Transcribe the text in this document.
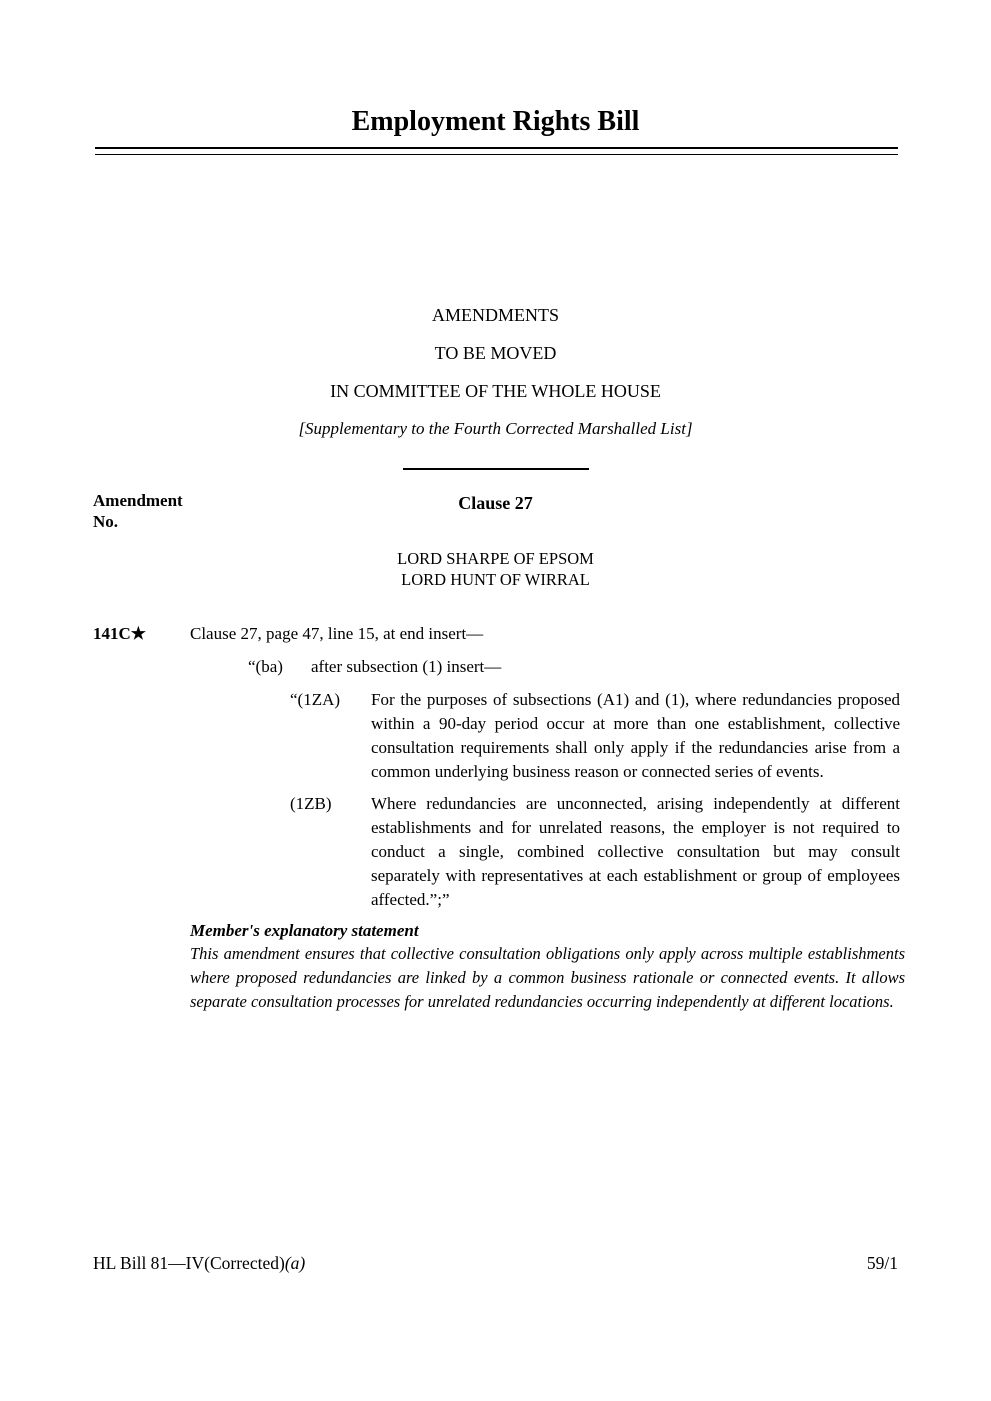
Employment Rights Bill

AMENDMENTS

TO BE MOVED

IN COMMITTEE OF THE WHOLE HOUSE

[Supplementary to the Fourth Corrected Marshalled List]

Amendment
No.
Clause 27
LORD SHARPE OF EPSOM
LORD HUNT OF WIRRAL
141C★	Clause 27, page 47, line 15, at end insert—

“(ba)	after subsection (1) insert—
“(1ZA)	For the purposes of subsections (A1) and (1), where redundancies proposed within a 90-day period occur at more than one establishment, collective consultation requirements shall only apply if the redundancies arise from a common underlying business reason or connected series of events.
(1ZB)	Where redundancies are unconnected, arising independently at different establishments and for unrelated reasons, the employer is not required to conduct a single, combined collective consultation but may consult separately with representatives at each establishment or group of employees affected.”;”

Member's explanatory statement

This amendment ensures that collective consultation obligations only apply across multiple establishments where proposed redundancies are linked by a common business rationale or connected events. It allows separate consultation processes for unrelated redundancies occurring independently at different locations.

HL Bill 81—IV(Corrected)(a)	59/1
